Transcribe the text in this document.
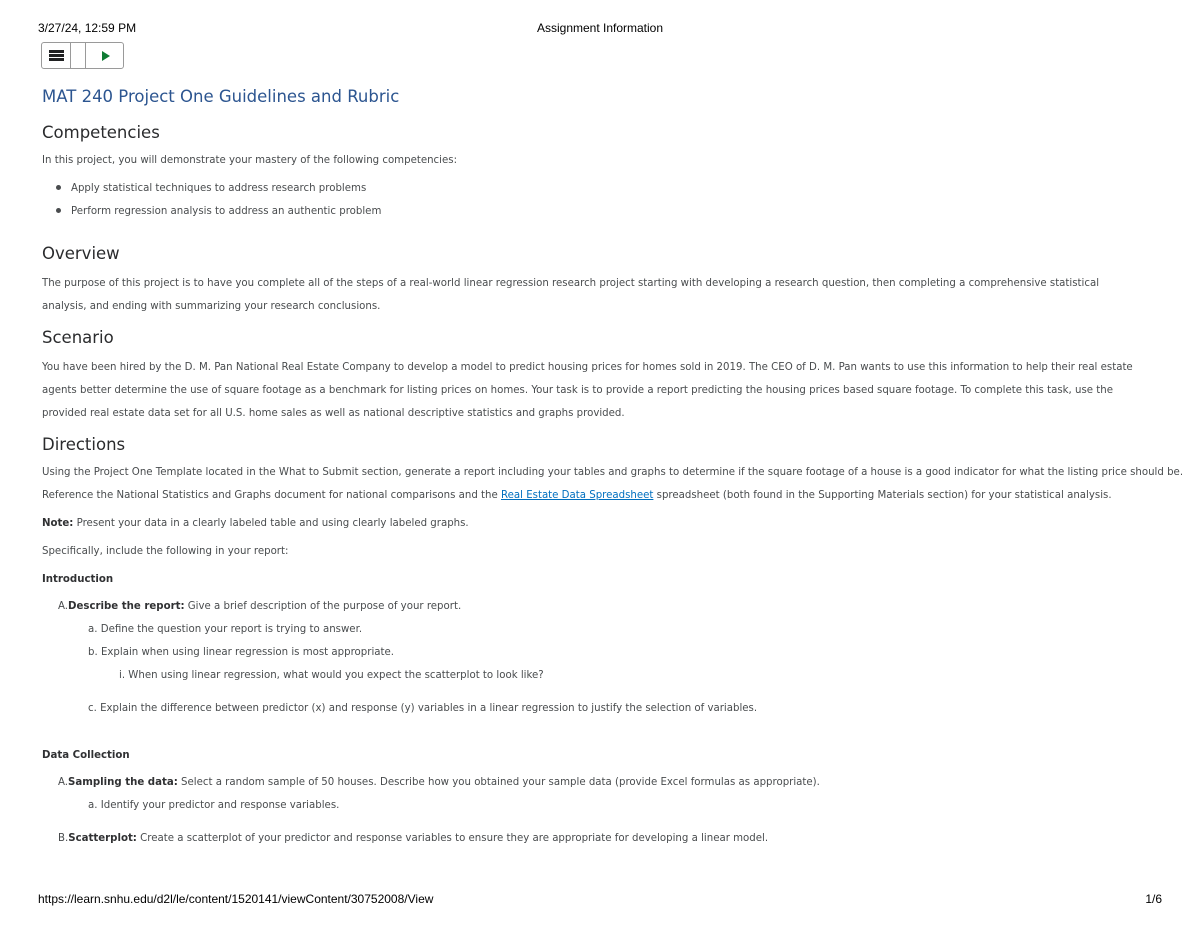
3/27/24, 12:59 PM	Assignment Information
MAT 240 Project One Guidelines and Rubric
Competencies
In this project, you will demonstrate your mastery of the following competencies:
Apply statistical techniques to address research problems
Perform regression analysis to address an authentic problem
Overview

The purpose of this project is to have you complete all of the steps of a real-world linear regression research project starting with developing a research question, then completing a comprehensive statistical analysis, and ending with summarizing your research conclusions.

Scenario

You have been hired by the D. M. Pan National Real Estate Company to develop a model to predict housing prices for homes sold in 2019. The CEO of D. M. Pan wants to use this information to help their real estate agents better determine the use of square footage as a benchmark for listing prices on homes. Your task is to provide a report predicting the housing prices based square footage. To complete this task, use the provided real estate data set for all U.S. home sales as well as national descriptive statistics and graphs provided.

Directions
Using the Project One Template located in the What to Submit section, generate a report including your tables and graphs to determine if the square footage of a house is a good indicator for what the listing price should be.
Reference the National Statistics and Graphs document for national comparisons and the Real Estate Data Spreadsheet spreadsheet (both found in the Supporting Materials section) for your statistical analysis.
Note: Present your data in a clearly labeled table and using clearly labeled graphs.
Specifically, include the following in your report:
Introduction
A.Describe the report: Give a brief description of the purpose of your report.
a. Define the question your report is trying to answer.
b. Explain when using linear regression is most appropriate.
i. When using linear regression, what would you expect the scatterplot to look like?
c. Explain the difference between predictor (x) and response (y) variables in a linear regression to justify the selection of variables.
Data Collection
A.Sampling the data: Select a random sample of 50 houses. Describe how you obtained your sample data (provide Excel formulas as appropriate).
a. Identify your predictor and response variables.
B.Scatterplot: Create a scatterplot of your predictor and response variables to ensure they are appropriate for developing a linear model.
https://learn.snhu.edu/d2l/le/content/1520141/viewContent/30752008/View	1/6
